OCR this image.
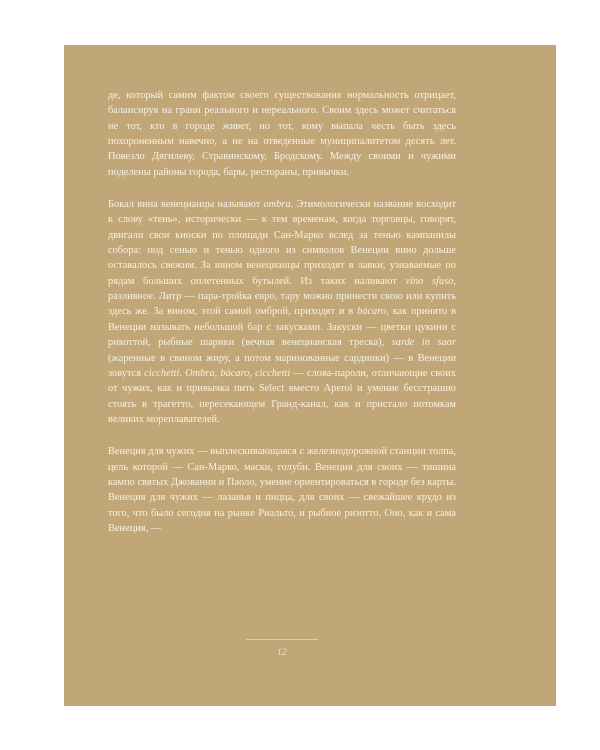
де, который самим фактом своего существования нормальность отрицает, балансируя на грани реального и нереального. Своим здесь может считаться не тот, кто в городе живет, но тот, кому выпала честь быть здесь похороненным навечно, а не на отведенные муниципалитетом десять лет. Повезло Дягилеву, Стравинскому, Бродскому. Между своими и чужими поделены районы города, бары, рестораны, привычки.

Бокал вина венецианцы называют ombra. Этимологически название восходит к слову «тень», исторически — к тем временам, когда торговцы, говорят, двигали свои киоски по площади Сан-Марко вслед за тенью кампанилы собора: под сенью и тенью одного из символов Венеции вино дольше оставалось свежим. За вином венецианцы приходят в лавки, узнаваемые по рядам больших оплетенных бутылей. Из таких наливают vino sfuso, разливное. Литр — пара-тройка евро, тару можно принести свою или купить здесь же. За вином, этой самой омброй, приходят и в bàcaro, как принято в Венеции называть небольшой бар с закусками. Закуски — цветки цукини с рикоттой, рыбные шарики (вечная венецианская треска), sarde in saor (жаренные в свином жиру, а потом маринованные сардинки) — в Венеции зовутся cicchetti. Ombra, bàcaro, cicchetti — слова-пароли, отличающие своих от чужих, как и привычка пить Select вместо Aperol и умение бесстрашно стоять в трагетто, пересекающем Гранд-канал, как и пристало потомкам великих мореплавателей.

Венеция для чужих — выплескивающаяся с железнодорожной станции толпа, цель которой — Сан-Марко, маски, голуби. Венеция для своих — тишина кампо святых Джованни и Паоло, умение ориентироваться в городе без карты. Венеция для чужих — лазанья и пицца, для своих — свежайшее крудо из того, что было сегодня на рынке Риальто, и рыбное ризотто. Оно, как и сама Венеция, —

12
